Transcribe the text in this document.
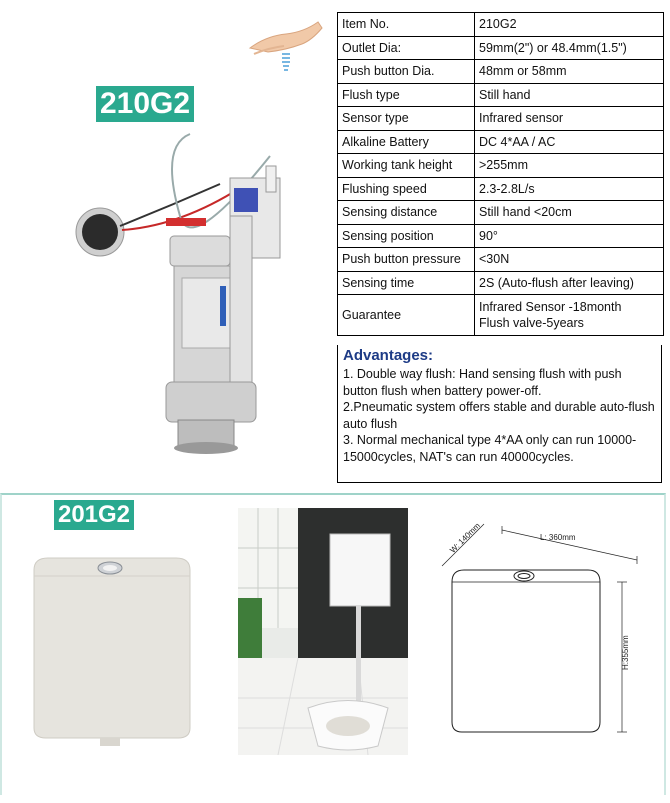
210G2
Item No.	210G2
Outlet Dia:	59mm(2") or 48.4mm(1.5")
Push button Dia.	48mm or 58mm
Flush type	Still hand
Sensor type	Infrared sensor
Alkaline Battery	DC 4*AA / AC
Working tank height	>255mm
Flushing speed	2.3-2.8L/s
Sensing distance	Still hand <20cm
Sensing position	90°
Push button pressure	<30N
Sensing time	2S (Auto-flush after leaving)
Guarantee	Infrared Sensor -18month
Flush valve-5years
Advantages:

1. Double way flush: Hand sensing flush with push button flush when battery power-off.

2.Pneumatic system offers stable and durable auto-flush auto flush

3. Normal mechanical type 4*AA only can run 10000-15000cycles, NAT's can run 40000cycles.

201G2
L: 360mm
W: 140mm
H:355mm
